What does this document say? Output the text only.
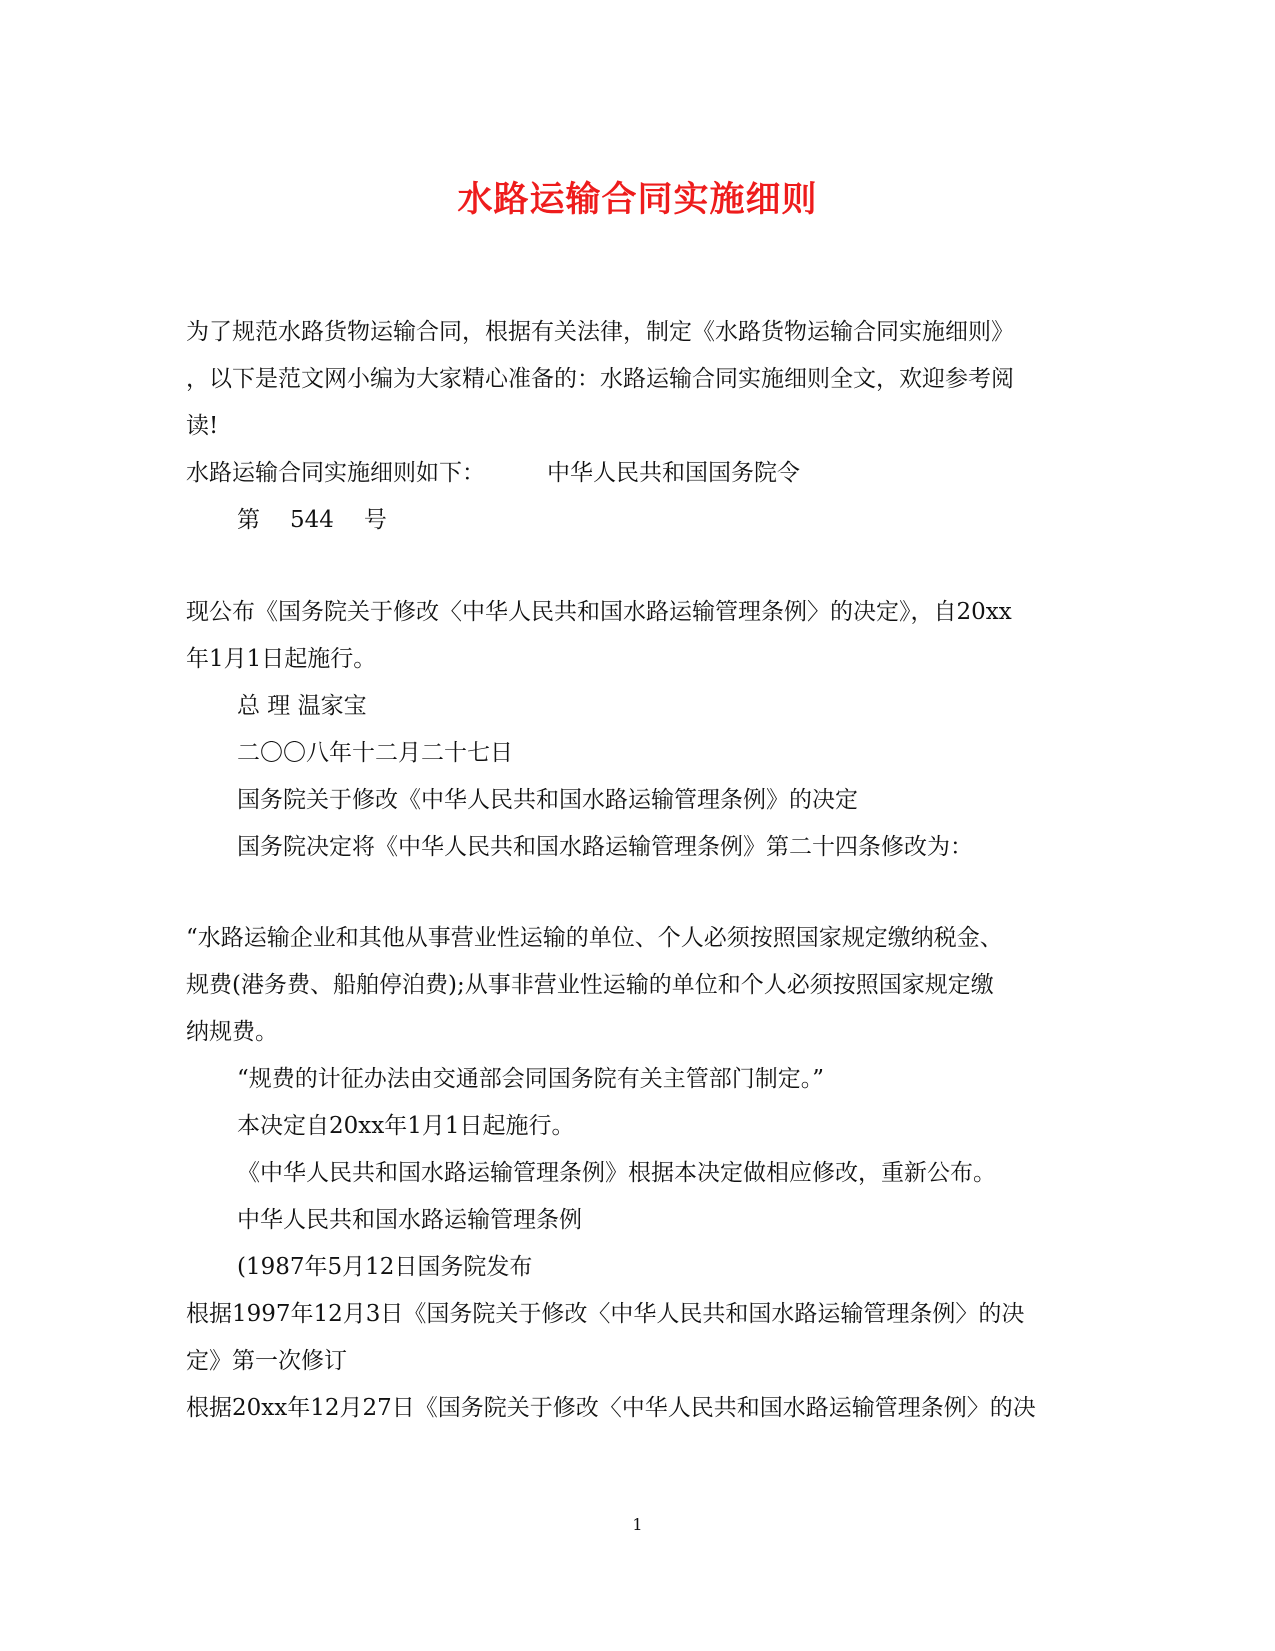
水路运输合同实施细则
为了规范水路货物运输合同，根据有关法律，制定《水路货物运输合同实施细则》
，以下是范文网小编为大家精心准备的：水路运输合同实施细则全文，欢迎参考阅
读!
水路运输合同实施细则如下：	中华人民共和国国务院令
第 544 号
现公布《国务院关于修改〈中华人民共和国水路运输管理条例〉的决定》，自20xx
年1月1日起施行。
总 理 温家宝
二〇〇八年十二月二十七日
国务院关于修改《中华人民共和国水路运输管理条例》的决定
国务院决定将《中华人民共和国水路运输管理条例》第二十四条修改为：
“水路运输企业和其他从事营业性运输的单位、个人必须按照国家规定缴纳税金、
规费(港务费、船舶停泊费);从事非营业性运输的单位和个人必须按照国家规定缴
纳规费。
“规费的计征办法由交通部会同国务院有关主管部门制定。”
本决定自20xx年1月1日起施行。
《中华人民共和国水路运输管理条例》根据本决定做相应修改，重新公布。
中华人民共和国水路运输管理条例
(1987年5月12日国务院发布
根据1997年12月3日《国务院关于修改〈中华人民共和国水路运输管理条例〉的决
定》第一次修订
根据20xx年12月27日《国务院关于修改〈中华人民共和国水路运输管理条例〉的决
1
